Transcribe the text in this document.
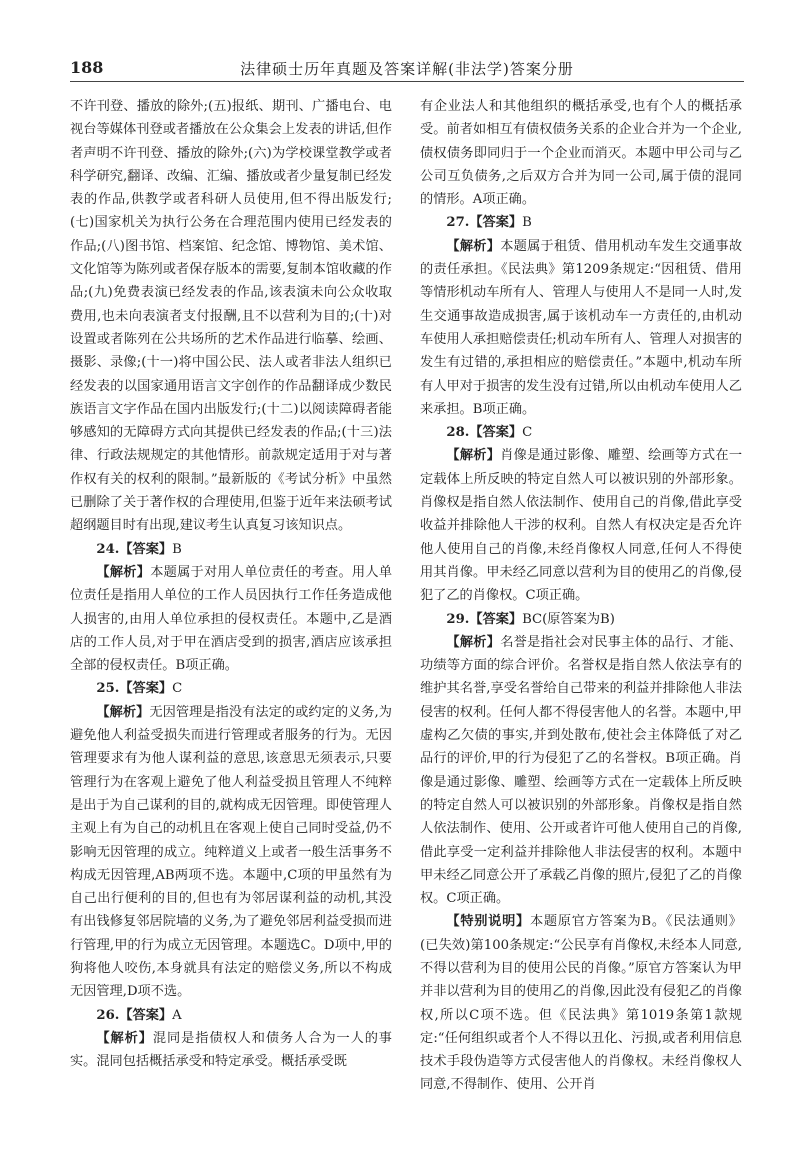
188	法律硕士历年真题及答案详解(非法学)答案分册

不许刊登、播放的除外;(五)报纸、期刊、广播电台、电视台等媒体刊登或者播放在公众集会上发表的讲话,但作者声明不许刊登、播放的除外;(六)为学校课堂教学或者科学研究,翻译、改编、汇编、播放或者少量复制已经发表的作品,供教学或者科研人员使用,但不得出版发行;(七)国家机关为执行公务在合理范围内使用已经发表的作品;(八)图书馆、档案馆、纪念馆、博物馆、美术馆、文化馆等为陈列或者保存版本的需要,复制本馆收藏的作品;(九)免费表演已经发表的作品,该表演未向公众收取费用,也未向表演者支付报酬,且不以营利为目的;(十)对设置或者陈列在公共场所的艺术作品进行临摹、绘画、摄影、录像;(十一)将中国公民、法人或者非法人组织已经发表的以国家通用语言文字创作的作品翻译成少数民族语言文字作品在国内出版发行;(十二)以阅读障碍者能够感知的无障碍方式向其提供已经发表的作品;(十三)法律、行政法规规定的其他情形。前款规定适用于对与著作权有关的权利的限制。”最新版的《考试分析》中虽然已删除了关于著作权的合理使用,但鉴于近年来法硕考试超纲题目时有出现,建议考生认真复习该知识点。

24.【答案】B

【解析】本题属于对用人单位责任的考查。用人单位责任是指用人单位的工作人员因执行工作任务造成他人损害的,由用人单位承担的侵权责任。本题中,乙是酒店的工作人员,对于甲在酒店受到的损害,酒店应该承担全部的侵权责任。B项正确。

25.【答案】C

【解析】无因管理是指没有法定的或约定的义务,为避免他人利益受损失而进行管理或者服务的行为。无因管理要求有为他人谋利益的意思,该意思无须表示,只要管理行为在客观上避免了他人利益受损且管理人不纯粹是出于为自己谋利的目的,就构成无因管理。即使管理人主观上有为自己的动机且在客观上使自己同时受益,仍不影响无因管理的成立。纯粹道义上或者一般生活事务不构成无因管理,AB两项不选。本题中,C项的甲虽然有为自己出行便利的目的,但也有为邻居谋利益的动机,其没有出钱修复邻居院墙的义务,为了避免邻居利益受损而进行管理,甲的行为成立无因管理。本题选C。D项中,甲的狗将他人咬伤,本身就具有法定的赔偿义务,所以不构成无因管理,D项不选。

26.【答案】A

【解析】混同是指债权人和债务人合为一人的事实。混同包括概括承受和特定承受。概括承受既

有企业法人和其他组织的概括承受,也有个人的概括承受。前者如相互有债权债务关系的企业合并为一个企业,债权债务即同归于一个企业而消灭。本题中甲公司与乙公司互负债务,之后双方合并为同一公司,属于债的混同的情形。A项正确。

27.【答案】B

【解析】本题属于租赁、借用机动车发生交通事故的责任承担。《民法典》第1209条规定:“因租赁、借用等情形机动车所有人、管理人与使用人不是同一人时,发生交通事故造成损害,属于该机动车一方责任的,由机动车使用人承担赔偿责任;机动车所有人、管理人对损害的发生有过错的,承担相应的赔偿责任。”本题中,机动车所有人甲对于损害的发生没有过错,所以由机动车使用人乙来承担。B项正确。

28.【答案】C

【解析】肖像是通过影像、雕塑、绘画等方式在一定载体上所反映的特定自然人可以被识别的外部形象。肖像权是指自然人依法制作、使用自己的肖像,借此享受收益并排除他人干涉的权利。自然人有权决定是否允许他人使用自己的肖像,未经肖像权人同意,任何人不得使用其肖像。甲未经乙同意以营利为目的使用乙的肖像,侵犯了乙的肖像权。C项正确。

29.【答案】BC(原答案为B)

【解析】名誉是指社会对民事主体的品行、才能、功绩等方面的综合评价。名誉权是指自然人依法享有的维护其名誉,享受名誉给自己带来的利益并排除他人非法侵害的权利。任何人都不得侵害他人的名誉。本题中,甲虚构乙欠债的事实,并到处散布,使社会主体降低了对乙品行的评价,甲的行为侵犯了乙的名誉权。B项正确。肖像是通过影像、雕塑、绘画等方式在一定载体上所反映的特定自然人可以被识别的外部形象。肖像权是指自然人依法制作、使用、公开或者许可他人使用自己的肖像,借此享受一定利益并排除他人非法侵害的权利。本题中甲未经乙同意公开了承载乙肖像的照片,侵犯了乙的肖像权。C项正确。

【特别说明】本题原官方答案为B。《民法通则》(已失效)第100条规定:“公民享有肖像权,未经本人同意,不得以营利为目的使用公民的肖像。”原官方答案认为甲并非以营利为目的使用乙的肖像,因此没有侵犯乙的肖像权,所以C项不选。但《民法典》第1019条第1款规定:“任何组织或者个人不得以丑化、污损,或者利用信息技术手段伪造等方式侵害他人的肖像权。未经肖像权人同意,不得制作、使用、公开肖
